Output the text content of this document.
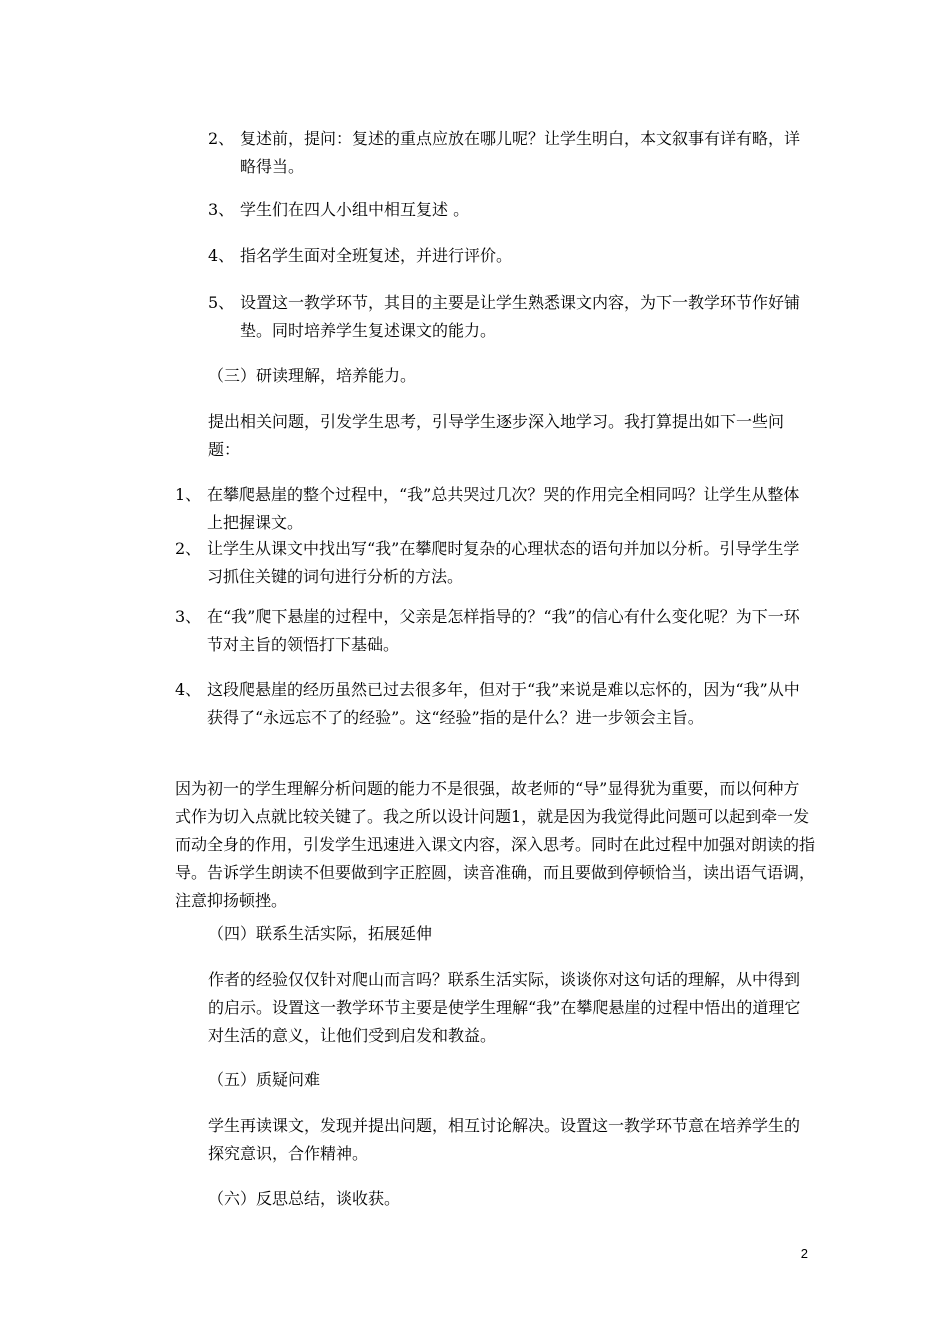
2、 复述前，提问：复述的重点应放在哪儿呢？让学生明白，本文叙事有详有略，详略得当。
3、 学生们在四人小组中相互复述 。
4、 指名学生面对全班复述，并进行评价。
5、 设置这一教学环节，其目的主要是让学生熟悉课文内容，为下一教学环节作好铺垫。同时培养学生复述课文的能力。
（三）研读理解，培养能力。
提出相关问题，引发学生思考，引导学生逐步深入地学习。我打算提出如下一些问题：
1、 在攀爬悬崖的整个过程中，“我”总共哭过几次？哭的作用完全相同吗？让学生从整体上把握课文。
2、 让学生从课文中找出写“我”在攀爬时复杂的心理状态的语句并加以分析。引导学生学习抓住关键的词句进行分析的方法。
3、 在“我”爬下悬崖的过程中，父亲是怎样指导的？“我”的信心有什么变化呢？为下一环节对主旨的领悟打下基础。
4、 这段爬悬崖的经历虽然已过去很多年，但对于“我”来说是难以忘怀的，因为“我”从中获得了“永远忘不了的经验”。这“经验”指的是什么？进一步领会主旨。
因为初一的学生理解分析问题的能力不是很强，故老师的“导”显得犹为重要，而以何种方式作为切入点就比较关键了。我之所以设计问题1，就是因为我觉得此问题可以起到牵一发而动全身的作用，引发学生迅速进入课文内容，深入思考。同时在此过程中加强对朗读的指导。告诉学生朗读不但要做到字正腔圆，读音准确，而且要做到停顿恰当，读出语气语调，注意抑扬顿挫。
（四）联系生活实际，拓展延伸
作者的经验仅仅针对爬山而言吗？联系生活实际，谈谈你对这句话的理解，从中得到的启示。设置这一教学环节主要是使学生理解“我”在攀爬悬崖的过程中悟出的道理它对生活的意义，让他们受到启发和教益。
（五）质疑问难
学生再读课文，发现并提出问题，相互讨论解决。设置这一教学环节意在培养学生的探究意识，合作精神。
（六）反思总结，谈收获。
2
